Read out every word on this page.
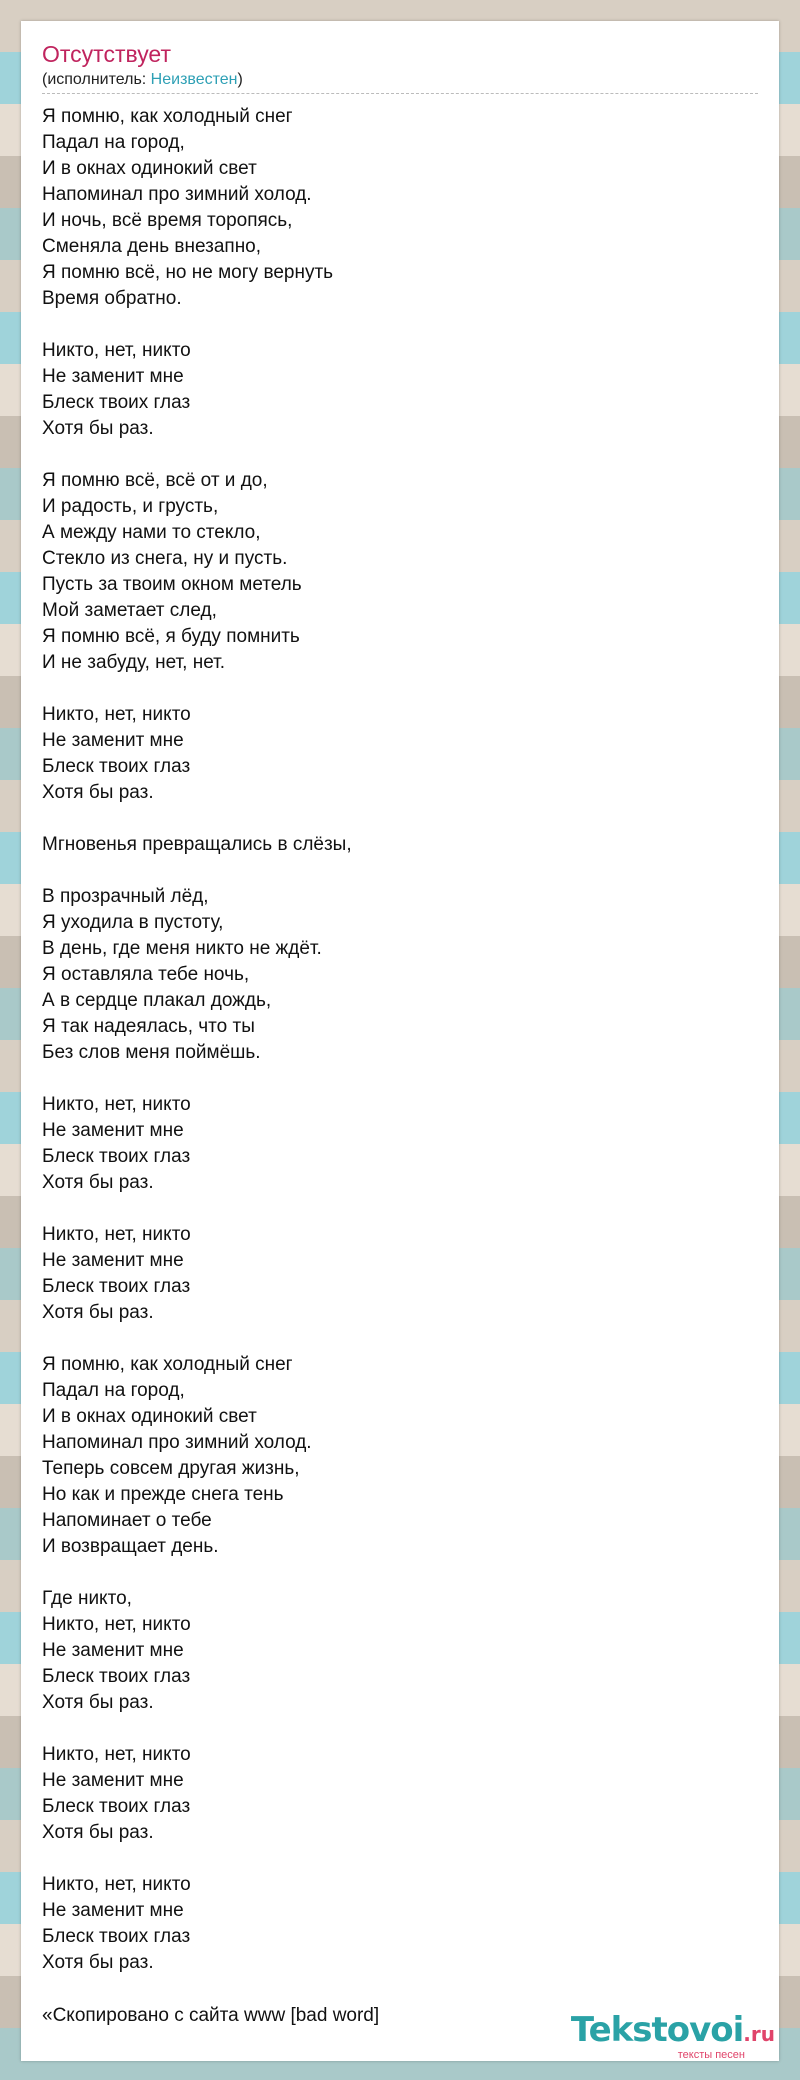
Отсутствует
(исполнитель: Неизвестен)
Я помню, как холодный снег
Падал на город,
И в окнах одинокий свет
Напоминал про зимний холод.
И ночь, всё время торопясь,
Сменяла день внезапно,
Я помню всё, но не могу вернуть
Время обратно.
Никто, нет, никто
Не заменит мне
Блеск твоих глаз
Хотя бы раз.
Я помню всё, всё от и до,
И радость, и грусть,
А между нами то стекло,
Стекло из снега, ну и пусть.
Пусть за твоим окном метель
Мой заметает след,
Я помню всё, я буду помнить
И не забуду, нет, нет.
Никто, нет, никто
Не заменит мне
Блеск твоих глаз
Хотя бы раз.
Мгновенья превращались в слёзы,
В прозрачный лёд,
Я уходила в пустоту,
В день, где меня никто не ждёт.
Я оставляла тебе ночь,
А в сердце плакал дождь,
Я так надеялась, что ты
Без слов меня поймёшь.
Никто, нет, никто
Не заменит мне
Блеск твоих глаз
Хотя бы раз.
Никто, нет, никто
Не заменит мне
Блеск твоих глаз
Хотя бы раз.
Я помню, как холодный снег
Падал на город,
И в окнах одинокий свет
Напоминал про зимний холод.
Теперь совсем другая жизнь,
Но как и прежде снега тень
Напоминает о тебе
И возвращает день.
Где никто,
Никто, нет, никто
Не заменит мне
Блеск твоих глаз
Хотя бы раз.
Никто, нет, никто
Не заменит мне
Блеск твоих глаз
Хотя бы раз.
Никто, нет, никто
Не заменит мне
Блеск твоих глаз
Хотя бы раз.
«Скопировано с сайта www [bad word]	Tekstovoi.ru
тексты песен
